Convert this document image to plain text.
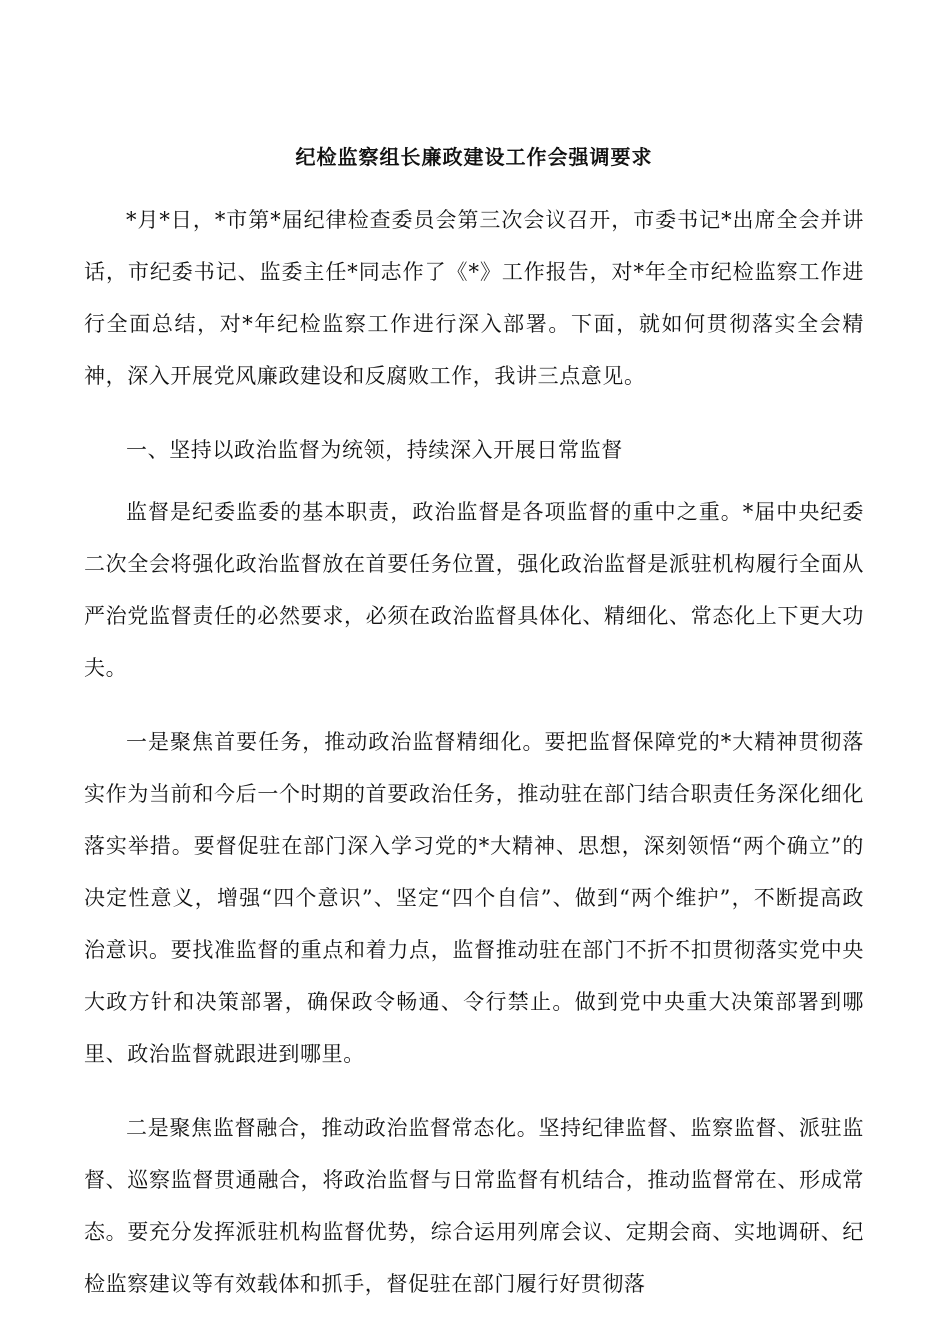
纪检监察组长廉政建设工作会强调要求

*月*日，*市第*届纪律检查委员会第三次会议召开，市委书记*出席全会并讲话，市纪委书记、监委主任*同志作了《*》工作报告，对*年全市纪检监察工作进行全面总结，对*年纪检监察工作进行深入部署。下面，就如何贯彻落实全会精神，深入开展党风廉政建设和反腐败工作，我讲三点意见。

一、坚持以政治监督为统领，持续深入开展日常监督

监督是纪委监委的基本职责，政治监督是各项监督的重中之重。*届中央纪委二次全会将强化政治监督放在首要任务位置，强化政治监督是派驻机构履行全面从严治党监督责任的必然要求，必须在政治监督具体化、精细化、常态化上下更大功夫。

一是聚焦首要任务，推动政治监督精细化。要把监督保障党的*大精神贯彻落实作为当前和今后一个时期的首要政治任务，推动驻在部门结合职责任务深化细化落实举措。要督促驻在部门深入学习党的*大精神、思想，深刻领悟“两个确立”的决定性意义，增强“四个意识”、坚定“四个自信”、做到“两个维护”，不断提高政治意识。要找准监督的重点和着力点，监督推动驻在部门不折不扣贯彻落实党中央大政方针和决策部署，确保政令畅通、令行禁止。做到党中央重大决策部署到哪里、政治监督就跟进到哪里。

二是聚焦监督融合，推动政治监督常态化。坚持纪律监督、监察监督、派驻监督、巡察监督贯通融合，将政治监督与日常监督有机结合，推动监督常在、形成常态。要充分发挥派驻机构监督优势，综合运用列席会议、定期会商、实地调研、纪检监察建议等有效载体和抓手，督促驻在部门履行好贯彻落
